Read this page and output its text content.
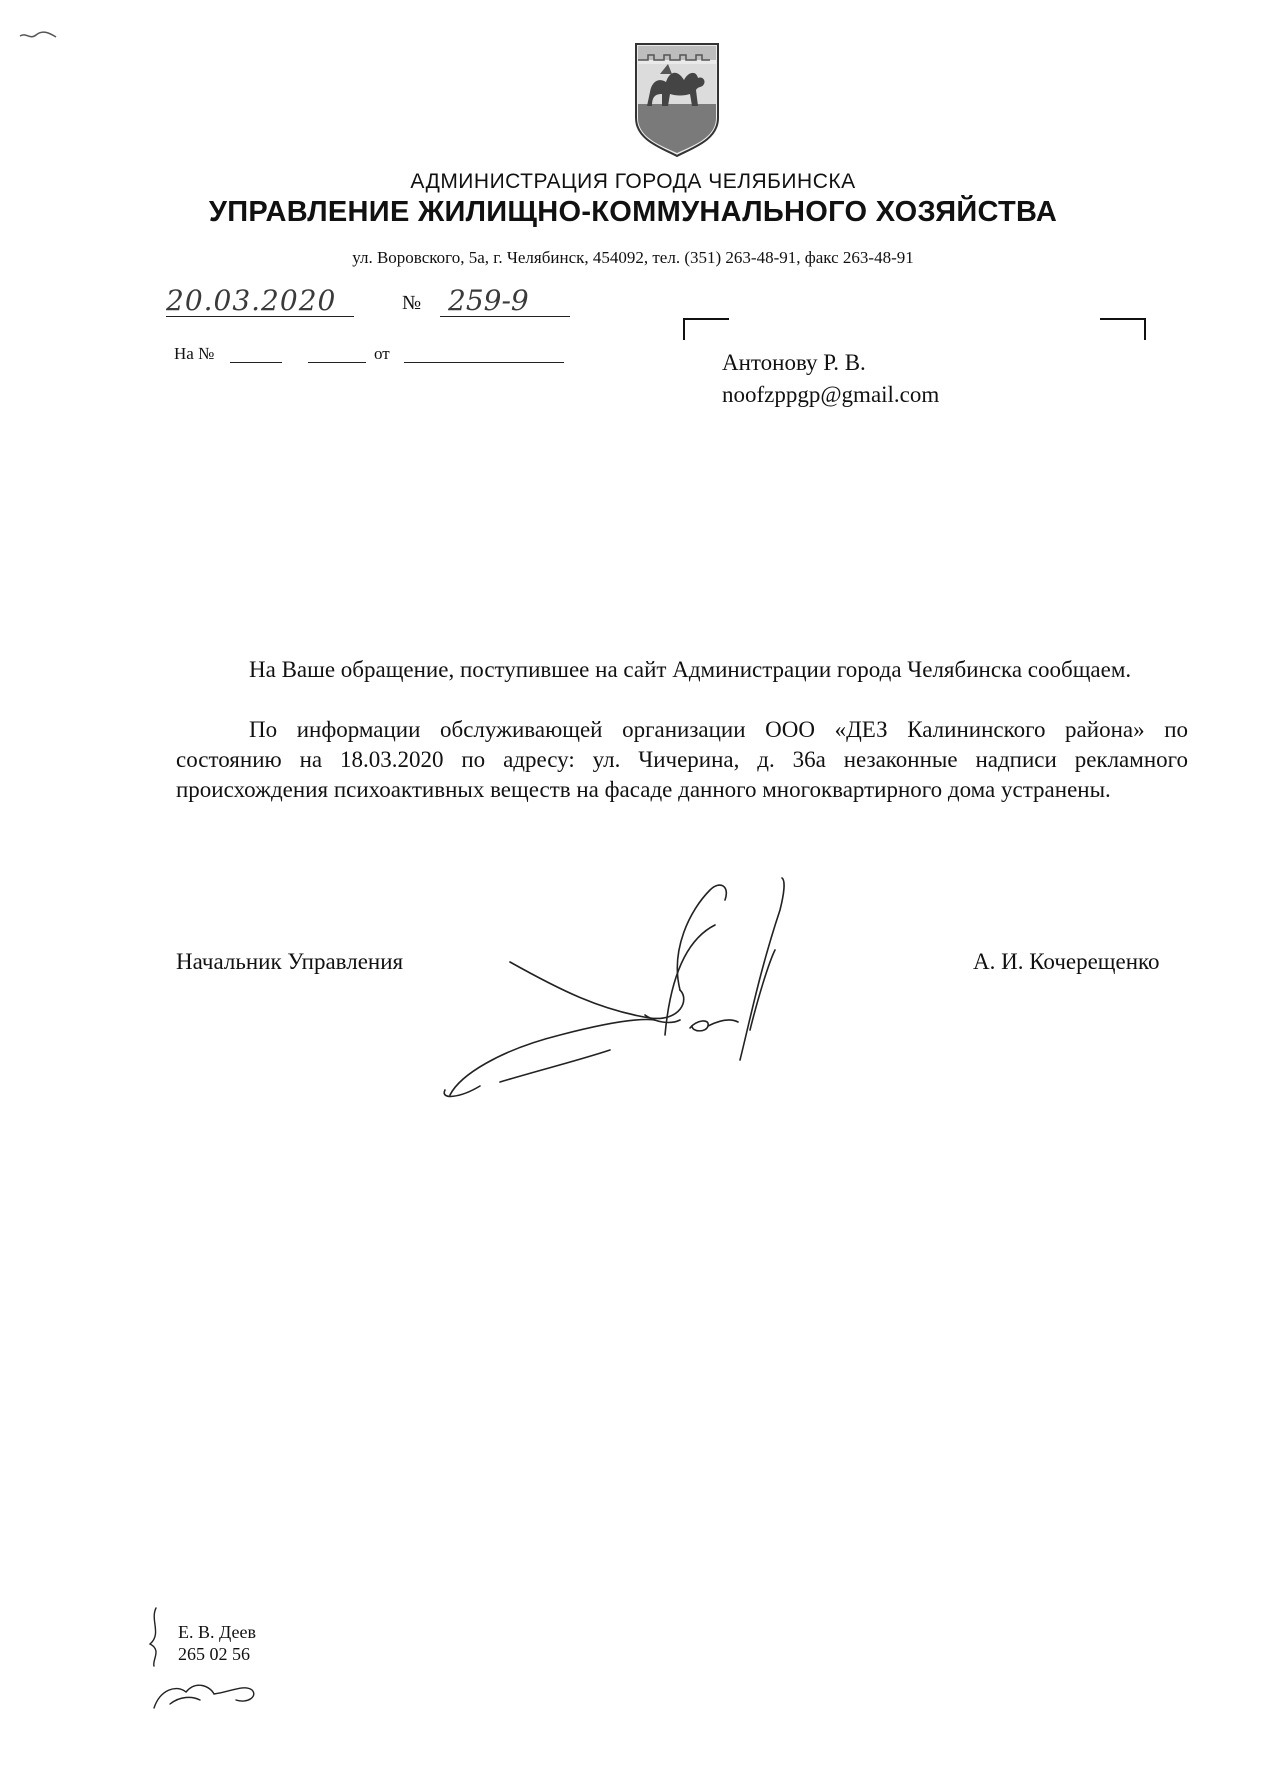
АДМИНИСТРАЦИЯ ГОРОДА ЧЕЛЯБИНСКА
УПРАВЛЕНИЕ ЖИЛИЩНО-КОММУНАЛЬНОГО ХОЗЯЙСТВА
ул. Воровского, 5а, г. Челябинск, 454092, тел. (351) 263-48-91, факс 263-48-91
20.03.2020	№ 259-9
На №	от	Антонову Р. В.
noofzppgp@gmail.com
На Ваше обращение, поступившее на сайт Администрации города Челябинска сообщаем.
По информации обслуживающей организации ООО «ДЕЗ Калининского района» по состоянию на 18.03.2020 по адресу: ул. Чичерина, д. 36а незаконные надписи рекламного происхождения психоактивных веществ на фасаде данного многоквартирного дома устранены.
Начальник Управления	А. И. Кочерещенко
Е. В. Деев
265 02 56
